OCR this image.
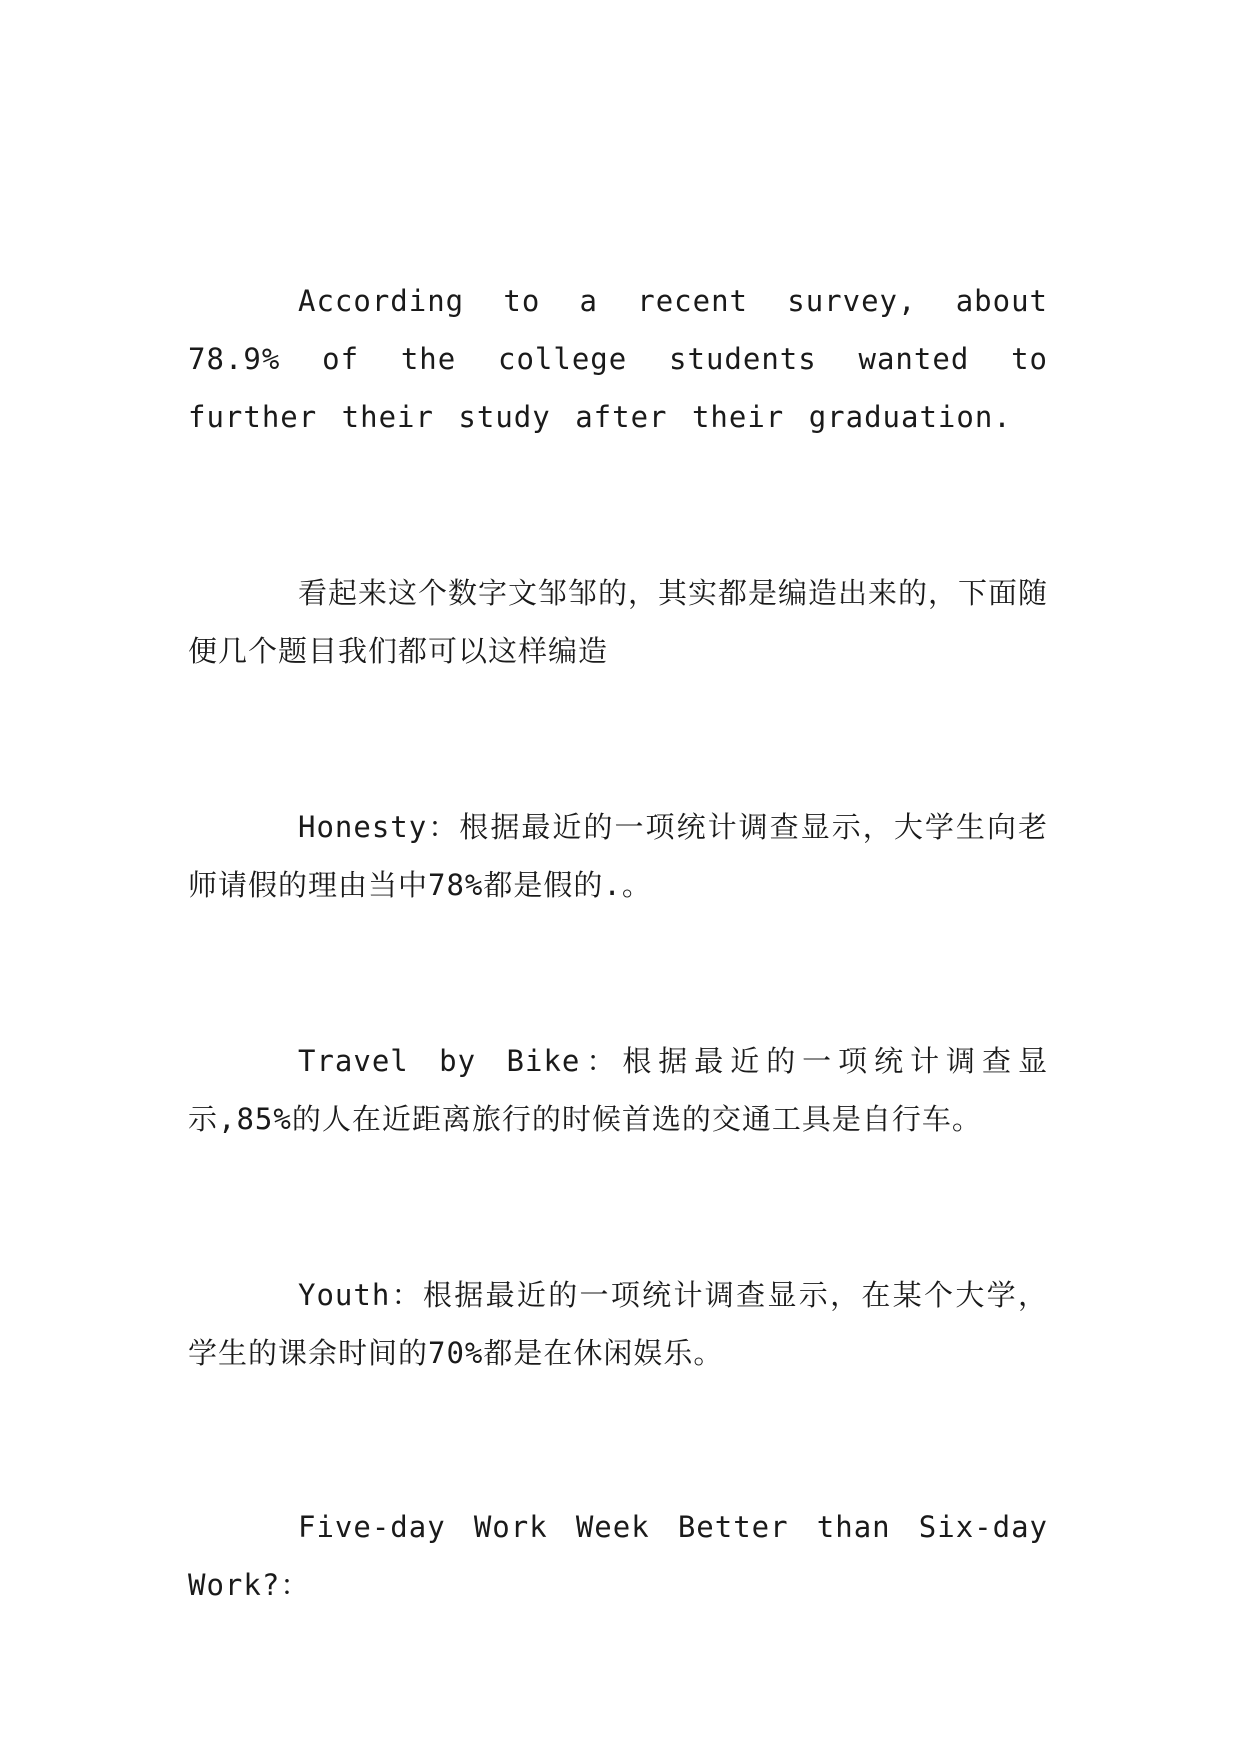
According to a recent survey, about 78.9% of the college students wanted to further their study after their graduation.

看起来这个数字文邹邹的，其实都是编造出来的，下面随便几个题目我们都可以这样编造

Honesty：根据最近的一项统计调查显示，大学生向老师请假的理由当中78%都是假的.。

Travel by Bike：根据最近的一项统计调查显示,85%的人在近距离旅行的时候首选的交通工具是自行车。

Youth：根据最近的一项统计调查显示，在某个大学，学生的课余时间的70%都是在休闲娱乐。

Five-day Work Week Better than Six-day Work?：
